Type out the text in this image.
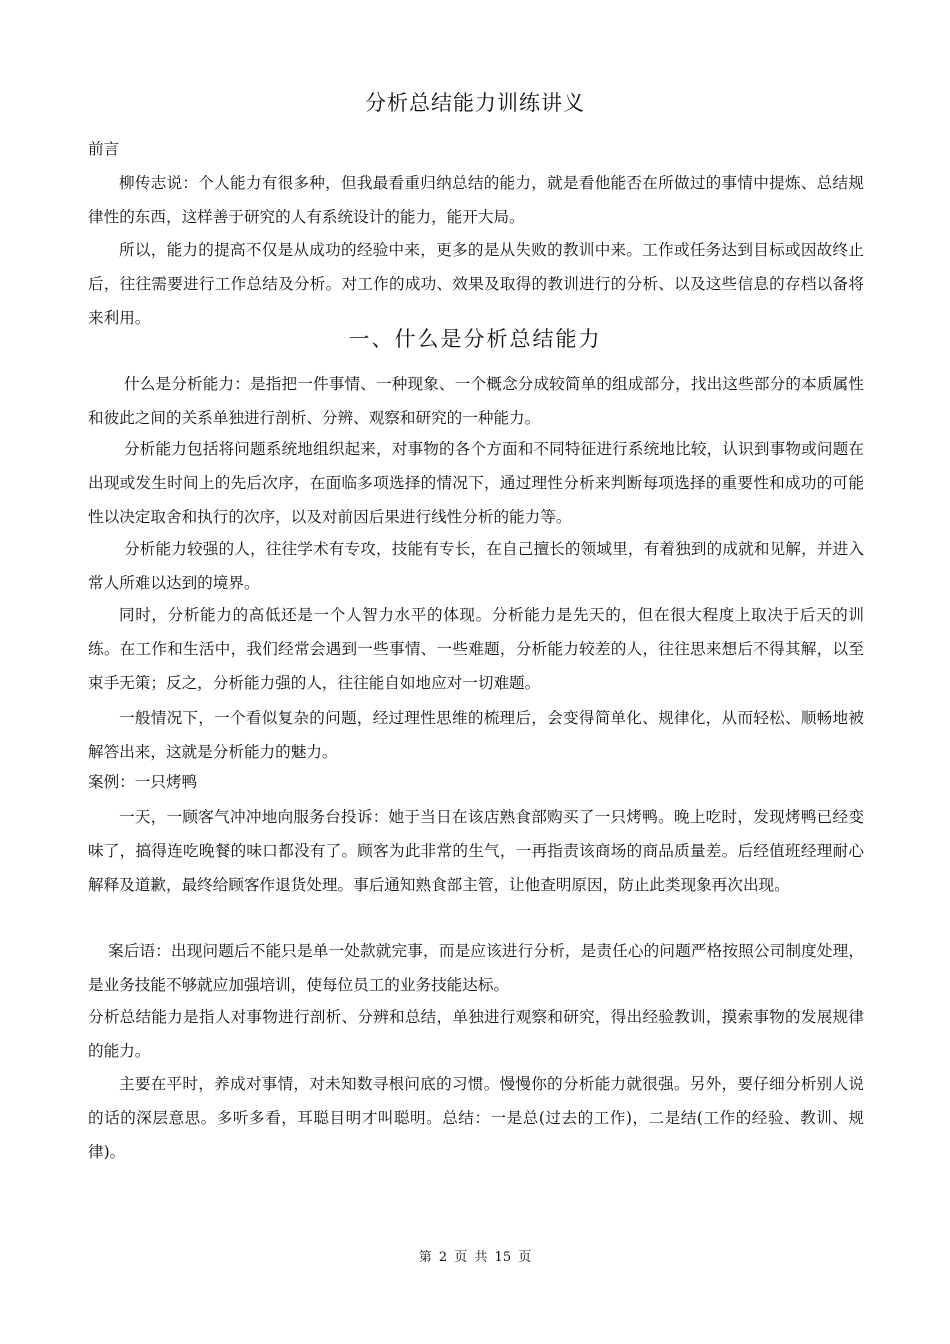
分析总结能力训练讲义

前言

柳传志说：个人能力有很多种，但我最看重归纳总结的能力，就是看他能否在所做过的事情中提炼、总结规律性的东西，这样善于研究的人有系统设计的能力，能开大局。

所以，能力的提高不仅是从成功的经验中来，更多的是从失败的教训中来。工作或任务达到目标或因故终止后，往往需要进行工作总结及分析。对工作的成功、效果及取得的教训进行的分析、以及这些信息的存档以备将来利用。

一、什么是分析总结能力

什么是分析能力：是指把一件事情、一种现象、一个概念分成较简单的组成部分，找出这些部分的本质属性和彼此之间的关系单独进行剖析、分辨、观察和研究的一种能力。

分析能力包括将问题系统地组织起来，对事物的各个方面和不同特征进行系统地比较，认识到事物或问题在出现或发生时间上的先后次序，在面临多项选择的情况下，通过理性分析来判断每项选择的重要性和成功的可能性以决定取舍和执行的次序，以及对前因后果进行线性分析的能力等。

分析能力较强的人，往往学术有专攻，技能有专长，在自己擅长的领域里，有着独到的成就和见解，并进入常人所难以达到的境界。

同时，分析能力的高低还是一个人智力水平的体现。分析能力是先天的，但在很大程度上取决于后天的训练。在工作和生活中，我们经常会遇到一些事情、一些难题，分析能力较差的人，往往思来想后不得其解，以至束手无策；反之，分析能力强的人，往往能自如地应对一切难题。

一般情况下，一个看似复杂的问题，经过理性思维的梳理后，会变得简单化、规律化，从而轻松、顺畅地被解答出来，这就是分析能力的魅力。

案例：一只烤鸭

一天，一顾客气冲冲地向服务台投诉：她于当日在该店熟食部购买了一只烤鸭。晚上吃时，发现烤鸭已经变味了，搞得连吃晚餐的味口都没有了。顾客为此非常的生气，一再指责该商场的商品质量差。后经值班经理耐心解释及道歉，最终给顾客作退货处理。事后通知熟食部主管，让他查明原因，防止此类现象再次出现。

案后语：出现问题后不能只是单一处款就完事，而是应该进行分析，是责任心的问题严格按照公司制度处理，是业务技能不够就应加强培训，使每位员工的业务技能达标。

分析总结能力是指人对事物进行剖析、分辨和总结，单独进行观察和研究，得出经验教训，摸索事物的发展规律的能力。

主要在平时，养成对事情，对未知数寻根问底的习惯。慢慢你的分析能力就很强。另外，要仔细分析别人说的话的深层意思。多听多看，耳聪目明才叫聪明。总结：一是总(过去的工作)，二是结(工作的经验、教训、规律)。

第 2 页 共 15 页
